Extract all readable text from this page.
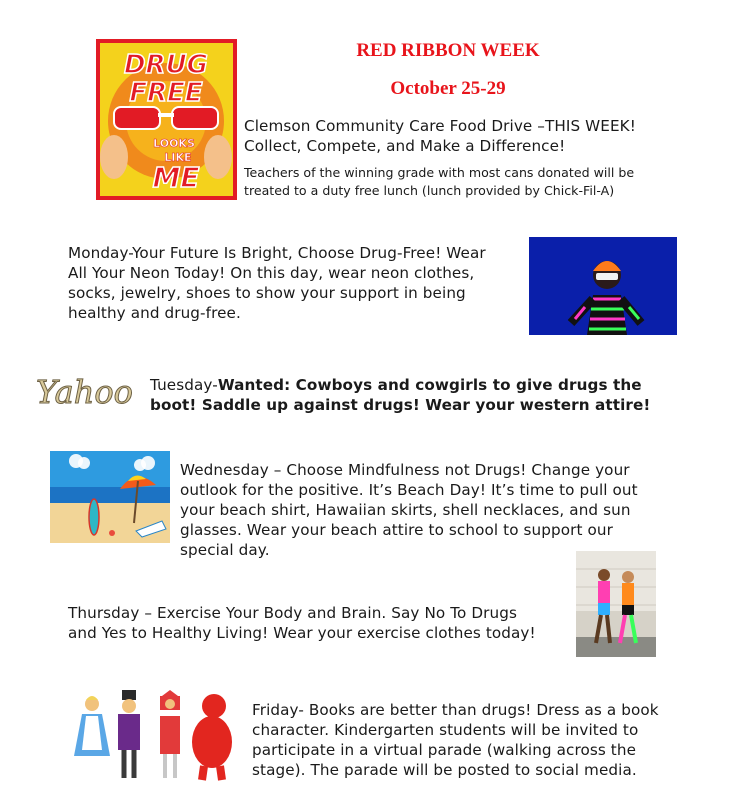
RED RIBBON WEEK
October 25-29
DRUG
FREE
LOOKS
LIKE
ME
Clemson Community Care Food Drive –THIS WEEK!
Collect, Compete, and Make a Difference!
Teachers of the winning grade with most cans donated will be
treated to a duty free lunch (lunch provided by Chick-Fil-A)
Monday-Your Future Is Bright, Choose Drug-Free! Wear
All Your Neon Today! On this day, wear neon clothes,
socks, jewelry, shoes to show your support in being
healthy and drug-free.
Yahoo Tuesday-Wanted: Cowboys and cowgirls to give drugs the
boot! Saddle up against drugs! Wear your western attire!
Wednesday – Choose Mindfulness not Drugs! Change your
outlook for the positive. It’s Beach Day! It’s time to pull out
your beach shirt, Hawaiian skirts, shell necklaces, and sun
glasses. Wear your beach attire to school to support our
special day.
Thursday – Exercise Your Body and Brain. Say No To Drugs
and Yes to Healthy Living! Wear your exercise clothes today!
Friday- Books are better than drugs! Dress as a book
character. Kindergarten students will be invited to
participate in a virtual parade (walking across the
stage). The parade will be posted to social media.
